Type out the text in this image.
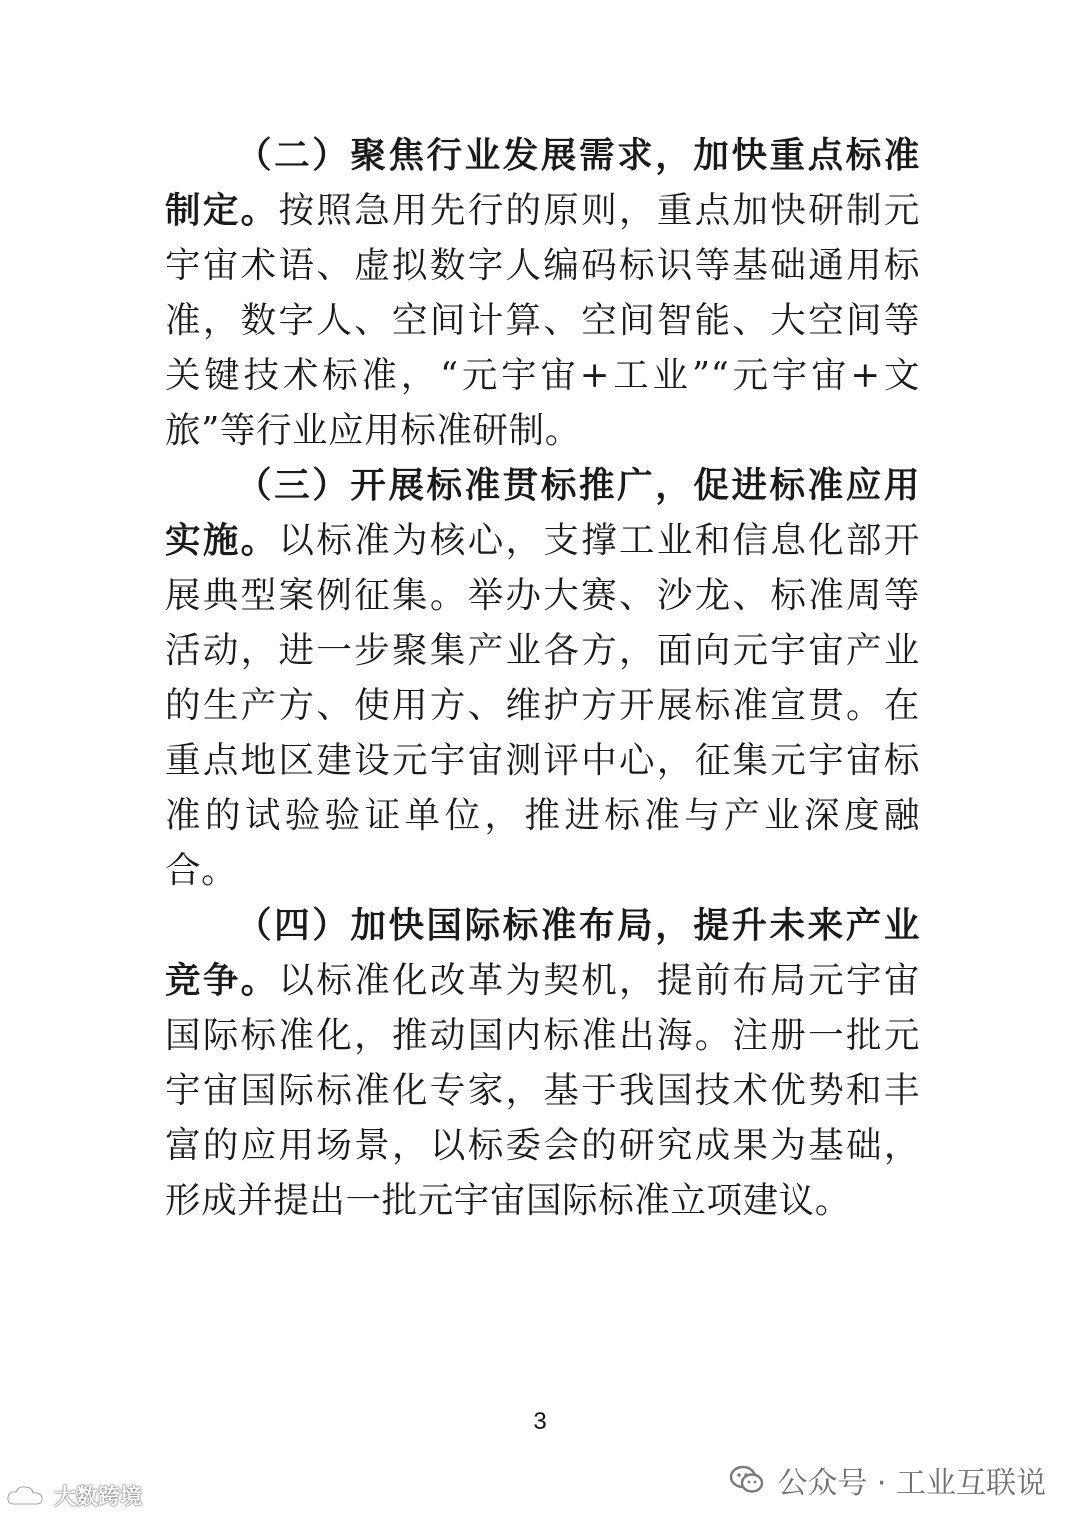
（二）聚焦行业发展需求，加快重点标准制定。按照急用先行的原则，重点加快研制元宇宙术语、虚拟数字人编码标识等基础通用标准，数字人、空间计算、空间智能、大空间等关键技术标准，“元宇宙+工业”“元宇宙+文旅”等行业应用标准研制。

（三）开展标准贯标推广，促进标准应用实施。以标准为核心，支撑工业和信息化部开展典型案例征集。举办大赛、沙龙、标准周等活动，进一步聚集产业各方，面向元宇宙产业的生产方、使用方、维护方开展标准宣贯。在重点地区建设元宇宙测评中心，征集元宇宙标准的试验验证单位，推进标准与产业深度融合。

（四）加快国际标准布局，提升未来产业竞争。以标准化改革为契机，提前布局元宇宙国际标准化，推动国内标准出海。注册一批元宇宙国际标准化专家，基于我国技术优势和丰富的应用场景，以标委会的研究成果为基础，形成并提出一批元宇宙国际标准立项建议。

3
公众号 · 工业互联说
大数跨境
